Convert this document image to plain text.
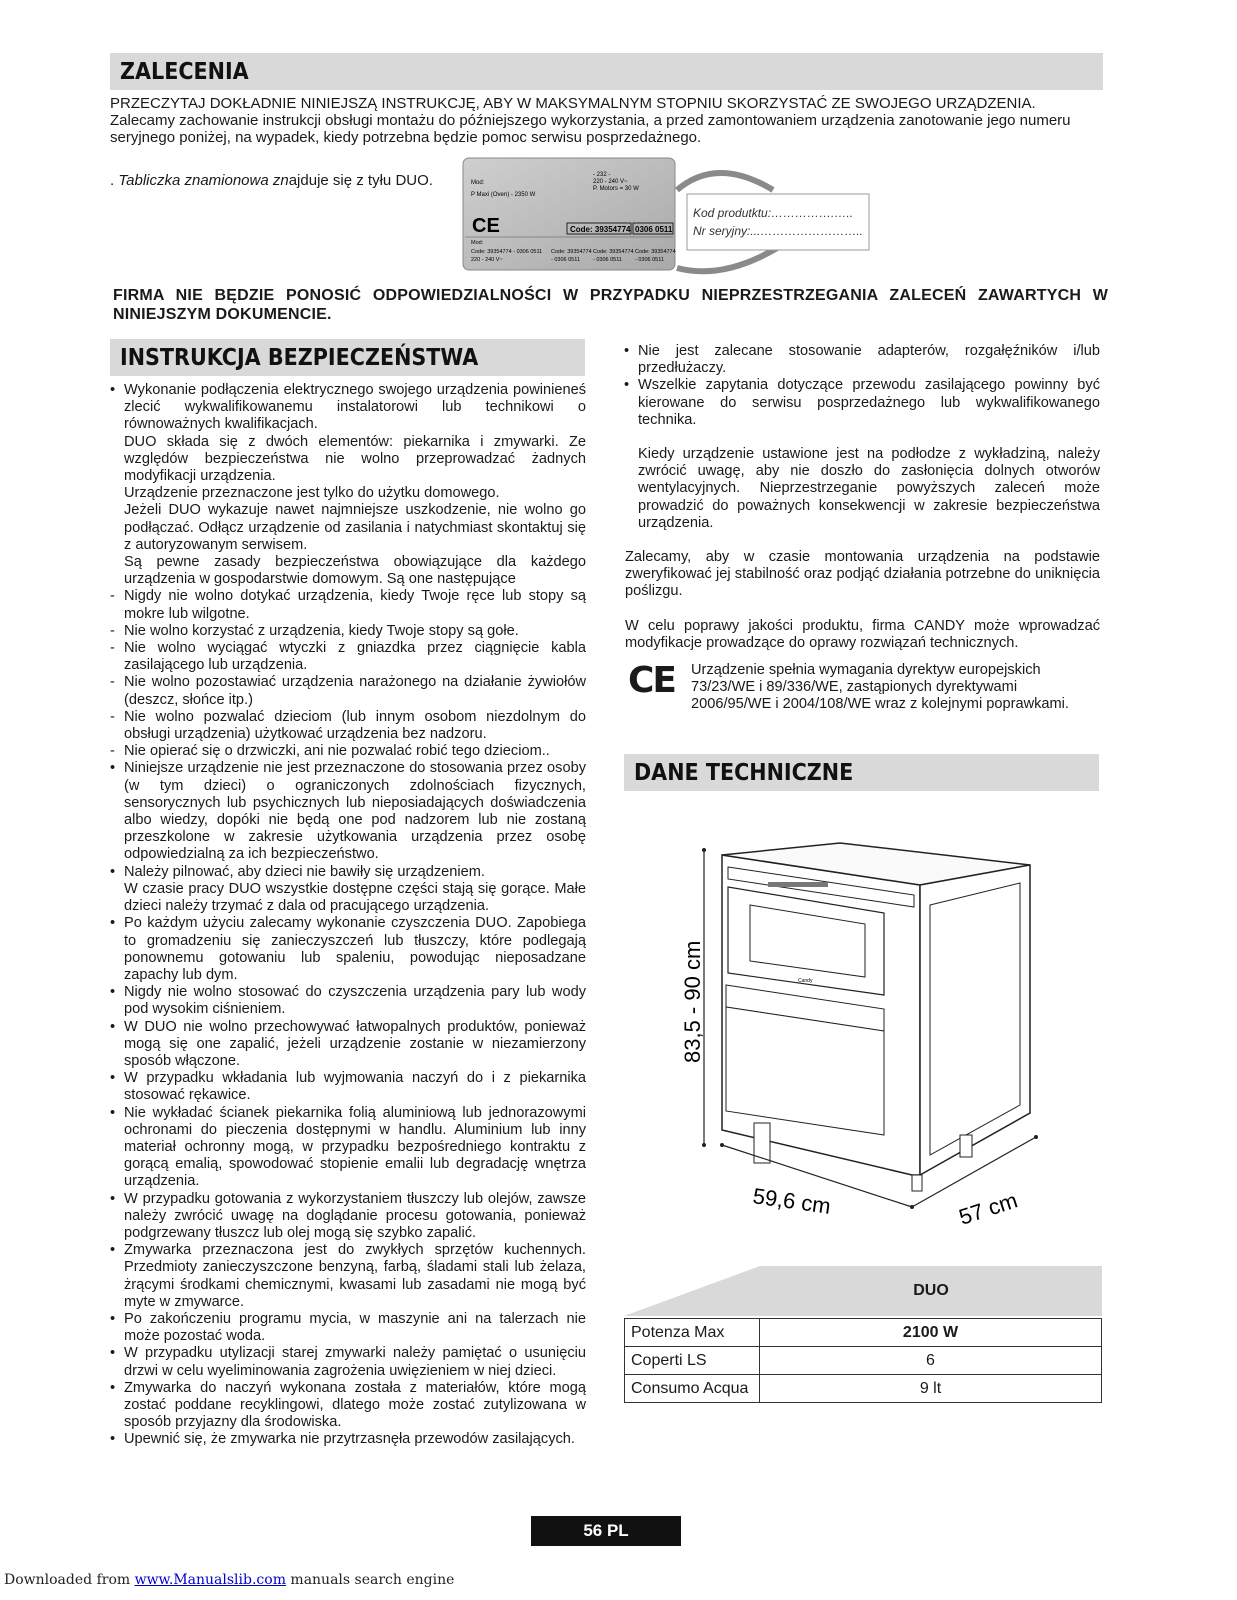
ZALECENIA
PRZECZYTAJ DOKŁADNIE NINIEJSZĄ INSTRUKCJĘ, ABY W MAKSYMALNYM STOPNIU SKORZYSTAĆ ZE SWOJEGO URZĄDZENIA.
Zalecamy zachowanie instrukcji obsługi montażu do późniejszego wykorzystania, a przed zamontowaniem urządzenia zanotowanie jego numeru seryjnego poniżej, na wypadek, kiedy potrzebna będzie pomoc serwisu posprzedażnego.
. Tabliczka znamionowa znajduje się z tyłu DUO.	Mod:
P Maxi (Oven) - 2350 W
- 232 -
220 - 240 V~
P. Motors = 30 W
CE	Code: 39354774 0306 0511
Mod:
Code: 39354774 - 0306 0511
220 - 240 V~
Code: 39354774
- 0306 0511
Code: 39354774
- 0306 0511
Code: 39354774
- 0306 0511
Kod produtktu:…………….…..
Nr seryjny:...……………………..
FIRMA NIE BĘDZIE PONOSIĆ ODPOWIEDZIALNOŚCI W PRZYPADKU NIEPRZESTRZEGANIA ZALECEŃ ZAWARTYCH W NINIEJSZYM DOKUMENCIE.
INSTRUKCJA BEZPIECZEŃSTWA
• Wykonanie podłączenia elektrycznego swojego urządzenia powinieneś zlecić wykwalifikowanemu instalatorowi lub technikowi o równoważnych kwalifikacjach.
DUO składa się z dwóch elementów: piekarnika i zmywarki. Ze względów bezpieczeństwa nie wolno przeprowadzać żadnych modyfikacji urządzenia.
Urządzenie przeznaczone jest tylko do użytku domowego.
Jeżeli DUO wykazuje nawet najmniejsze uszkodzenie, nie wolno go podłączać. Odłącz urządzenie od zasilania i natychmiast skontaktuj się z autoryzowanym serwisem.
Są pewne zasady bezpieczeństwa obowiązujące dla każdego urządzenia w gospodarstwie domowym. Są one następujące
- Nigdy nie wolno dotykać urządzenia, kiedy Twoje ręce lub stopy są mokre lub wilgotne.
- Nie wolno korzystać z urządzenia, kiedy Twoje stopy są gołe.
- Nie wolno wyciągać wtyczki z gniazdka przez ciągnięcie kabla zasilającego lub urządzenia.
- Nie wolno pozostawiać urządzenia narażonego na działanie żywiołów (deszcz, słońce itp.)
- Nie wolno pozwalać dzieciom (lub innym osobom niezdolnym do obsługi urządzenia) użytkować urządzenia bez nadzoru.
- Nie opierać się o drzwiczki, ani nie pozwalać robić tego dzieciom..
• Niniejsze urządzenie nie jest przeznaczone do stosowania przez osoby (w tym dzieci) o ograniczonych zdolnościach fizycznych, sensorycznych lub psychicznych lub nieposiadających doświadczenia albo wiedzy, dopóki nie będą one pod nadzorem lub nie zostaną przeszkolone w zakresie użytkowania urządzenia przez osobę odpowiedzialną za ich bezpieczeństwo.
• Należy pilnować, aby dzieci nie bawiły się urządzeniem.
W czasie pracy DUO wszystkie dostępne części stają się gorące. Małe dzieci należy trzymać z dala od pracującego urządzenia.
• Po każdym użyciu zalecamy wykonanie czyszczenia DUO. Zapobiega to gromadzeniu się zanieczyszczeń lub tłuszczy, które podlegają ponownemu gotowaniu lub spaleniu, powodując nieposadzane zapachy lub dym.
• Nigdy nie wolno stosować do czyszczenia urządzenia pary lub wody pod wysokim ciśnieniem.
• W DUO nie wolno przechowywać łatwopalnych produktów, ponieważ mogą się one zapalić, jeżeli urządzenie zostanie w niezamierzony sposób włączone.
• W przypadku wkładania lub wyjmowania naczyń do i z piekarnika stosować rękawice.
• Nie wykładać ścianek piekarnika folią aluminiową lub jednorazowymi ochronami do pieczenia dostępnymi w handlu. Aluminium lub inny materiał ochronny mogą, w przypadku bezpośredniego kontraktu z gorącą emalią, spowodować stopienie emalii lub degradację wnętrza urządzenia.
• W przypadku gotowania z wykorzystaniem tłuszczy lub olejów, zawsze należy zwrócić uwagę na doglądanie procesu gotowania, ponieważ podgrzewany tłuszcz lub olej mogą się szybko zapalić.
• Zmywarka przeznaczona jest do zwykłych sprzętów kuchennych. Przedmioty zanieczyszczone benzyną, farbą, śladami stali lub żelaza, żrącymi środkami chemicznymi, kwasami lub zasadami nie mogą być myte w zmywarce.
• Po zakończeniu programu mycia, w maszynie ani na talerzach nie może pozostać woda.
• W przypadku utylizacji starej zmywarki należy pamiętać o usunięciu drzwi w celu wyeliminowania zagrożenia uwięzieniem w niej dzieci.
• Zmywarka do naczyń wykonana została z materiałów, które mogą zostać poddane recyklingowi, dlatego może zostać zutylizowana w sposób przyjazny dla środowiska.
• Upewnić się, że zmywarka nie przytrzasnęła przewodów zasilających.
• Nie jest zalecane stosowanie adapterów, rozgałęźników i/lub przedłużaczy.
• Wszelkie zapytania dotyczące przewodu zasilającego powinny być kierowane do serwisu posprzedażnego lub wykwalifikowanego technika.
Kiedy urządzenie ustawione jest na podłodze z wykładziną, należy zwrócić uwagę, aby nie doszło do zasłonięcia dolnych otworów wentylacyjnych. Nieprzestrzeganie powyższych zaleceń może prowadzić do poważnych konsekwencji w zakresie bezpieczeństwa urządzenia.
Zalecamy, aby w czasie montowania urządzenia na podstawie zweryfikować jej stabilność oraz podjąć działania potrzebne do uniknięcia poślizgu.
W celu poprawy jakości produktu, firma CANDY może wprowadzać modyfikacje prowadzące do oprawy rozwiązań technicznych.
CE Urządzenie spełnia wymagania dyrektyw europejskich 73/23/WE i 89/336/WE, zastąpionych dyrektywami 2006/95/WE i 2004/108/WE wraz z kolejnymi poprawkami.
DANE TECHNICZNE
83,5 - 90 cm	Candy
59,6 cm	57 cm
DUO
Potenza Max	2100 W
Coperti LS	6
Consumo Acqua	9 lt
56 PL
Downloaded from www.Manualslib.com manuals search engine
